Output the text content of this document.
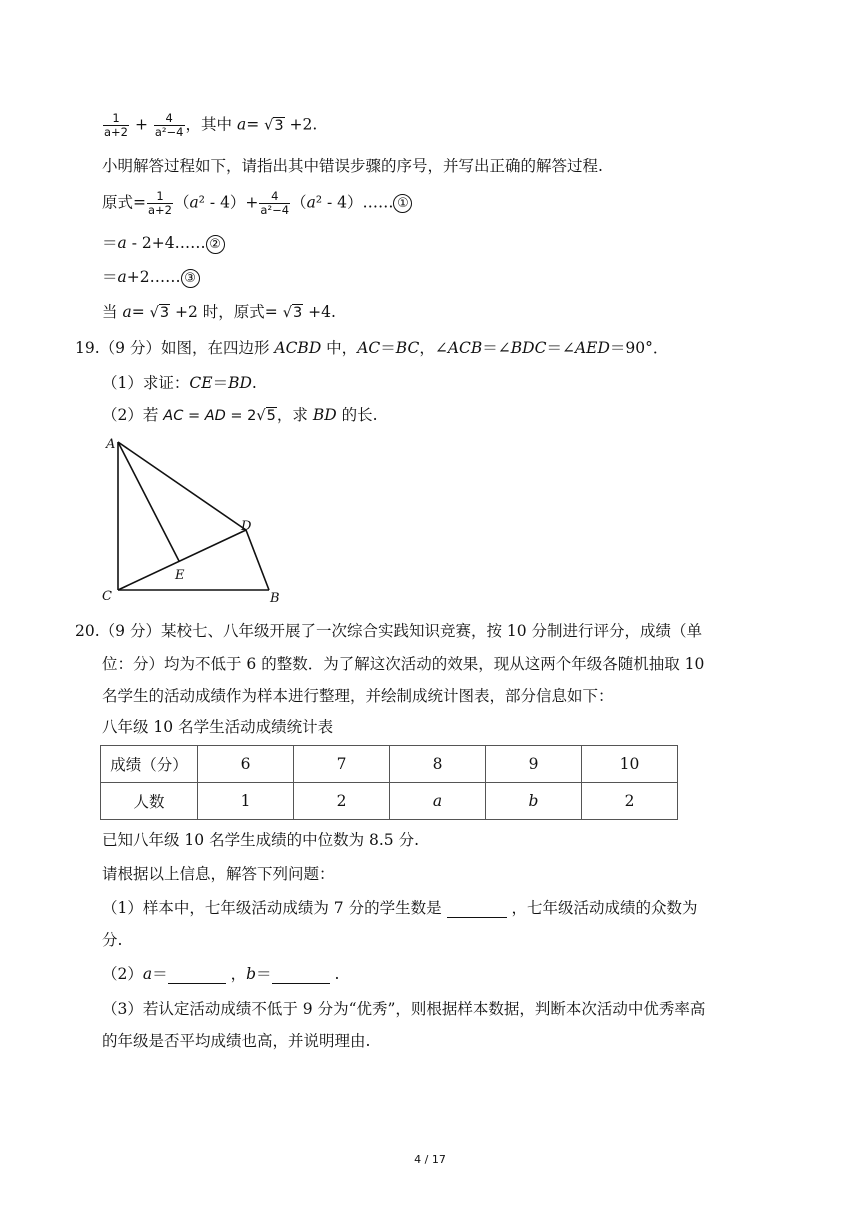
$\frac{1}{a+2} + \frac{4}{\text{a²−4}}$ ，其中 a= √3 +2.
小明解答过程如下，请指出其中错误步骤的序号，并写出正确的解答过程.
原式= $\frac{1}{a+2} (a^2 - 4)+ \frac{4}{\text{a²−4}} (a^2$ - 4）…… ①
＝a - 2+4…… ②
＝a+2…… ③
当 a= √3 +2 时，原式= √3 +4.
19.（9 分）如图，在四边形 ACBD 中，AC＝BC，∠ACB＝∠BDC＝∠AED＝90°．
（1）求证：CE＝BD.
（2）若 AC = AD = 2√5，求 BD 的长.
A
C	B
D
E
20.（9 分）某校七、八年级开展了一次综合实践知识竞赛，按 10 分制进行评分，成绩（单
位：分）均为不低于 6 的整数．为了解这次活动的效果，现从这两个年级各随机抽取 10
名学生的活动成绩作为样本进行整理，并绘制成统计图表，部分信息如下：
八年级 10 名学生活动成绩统计表
成绩（分）	6	7	8	9	10
人数	1	2	a	b	2
已知八年级 10 名学生成绩的中位数为 8.5 分.
请根据以上信息，解答下列问题：
（1）样本中，七年级活动成绩为 7 分的学生数是	，七年级活动成绩的众数为
分.
（2）a＝	，b＝	.
（3）若认定活动成绩不低于 9 分为“优秀”，则根据样本数据，判断本次活动中优秀率高
的年级是否平均成绩也高，并说明理由.
4 / 17
